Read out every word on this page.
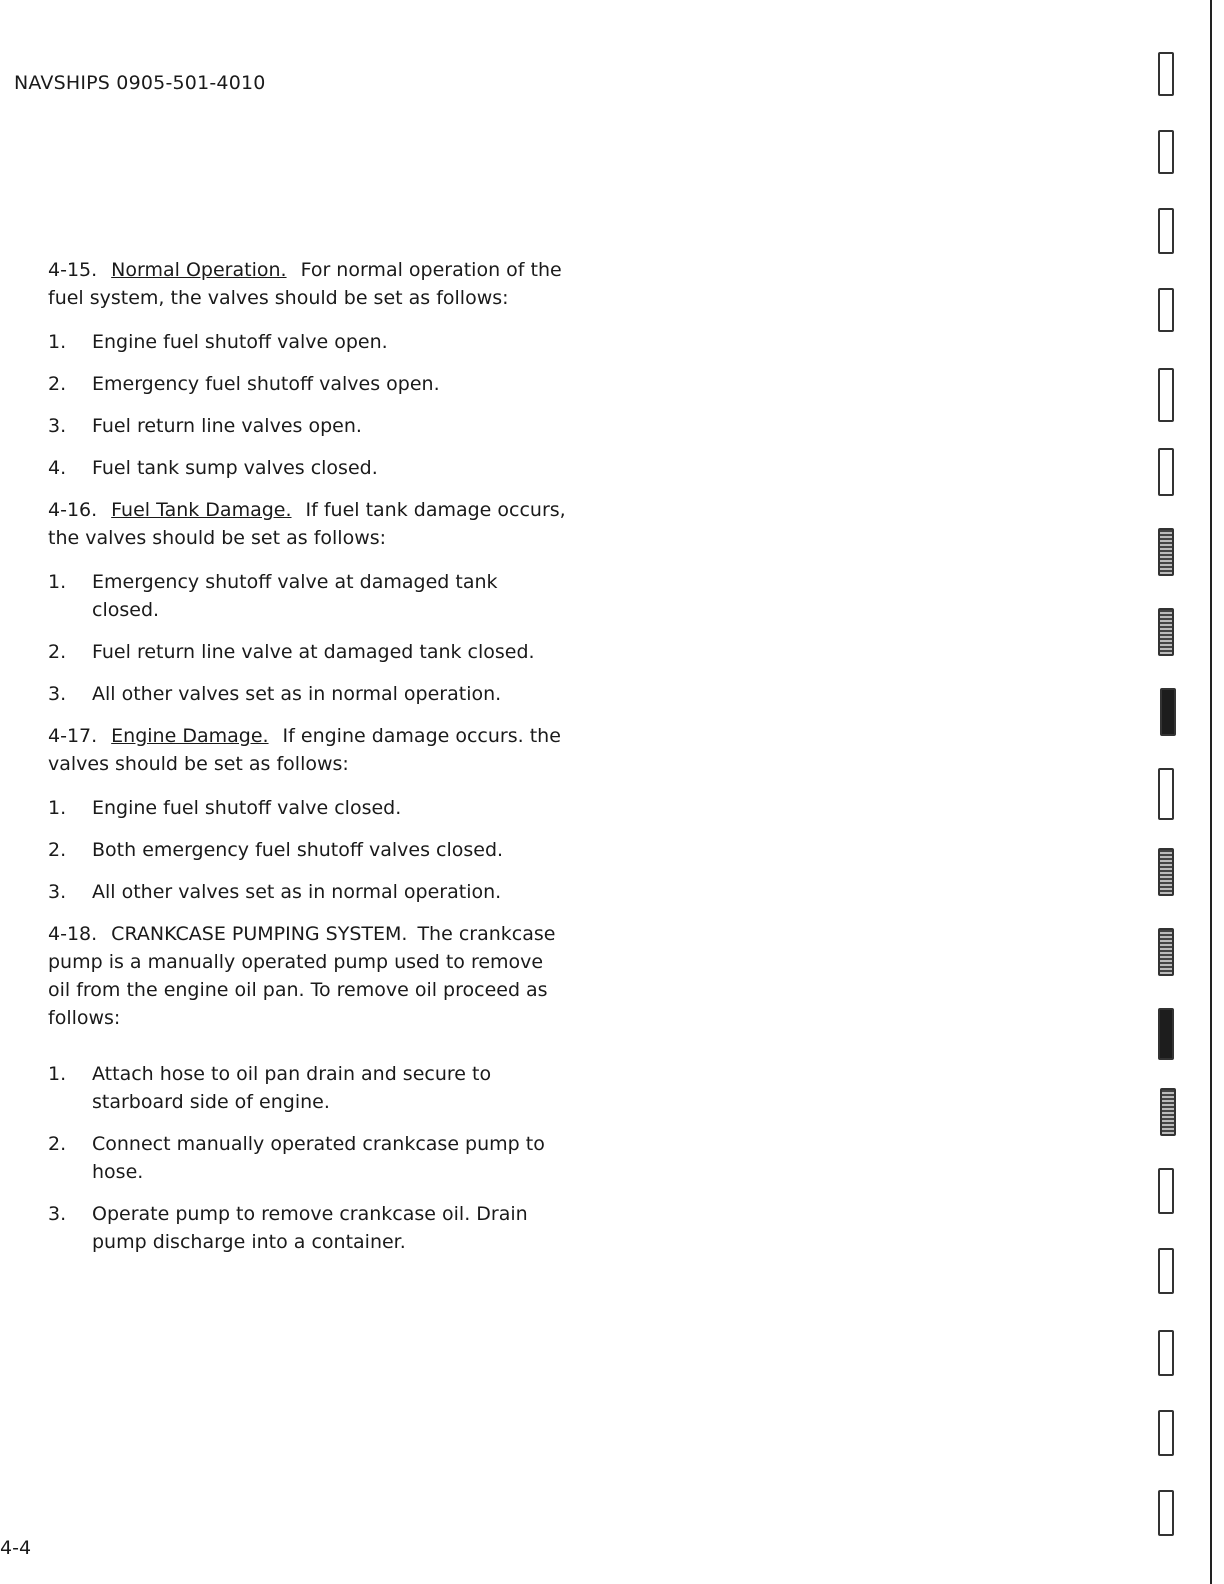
NAVSHIPS 0905-501-4010

4-15. Normal Operation. For normal operation of the fuel system, the valves should be set as follows:

1.	Engine fuel shutoff valve open.
2.	Emergency fuel shutoff valves open.
3.	Fuel return line valves open.
4.	Fuel tank sump valves closed.

4-16. Fuel Tank Damage. If fuel tank damage occurs, the valves should be set as follows:

1.	Emergency shutoff valve at damaged tank closed.
2.	Fuel return line valve at damaged tank closed.
3.	All other valves set as in normal operation.

4-17. Engine Damage. If engine damage occurs. the valves should be set as follows:

1.	Engine fuel shutoff valve closed.
2.	Both emergency fuel shutoff valves closed.
3.	All other valves set as in normal operation.

4-18. CRANKCASE PUMPING SYSTEM. The crankcase pump is a manually operated pump used to remove oil from the engine oil pan. To remove oil proceed as follows:

1.	Attach hose to oil pan drain and secure to starboard side of engine.
2.	Connect manually operated crankcase pump to hose.
3.	Operate pump to remove crankcase oil. Drain pump discharge into a container.
4-4
